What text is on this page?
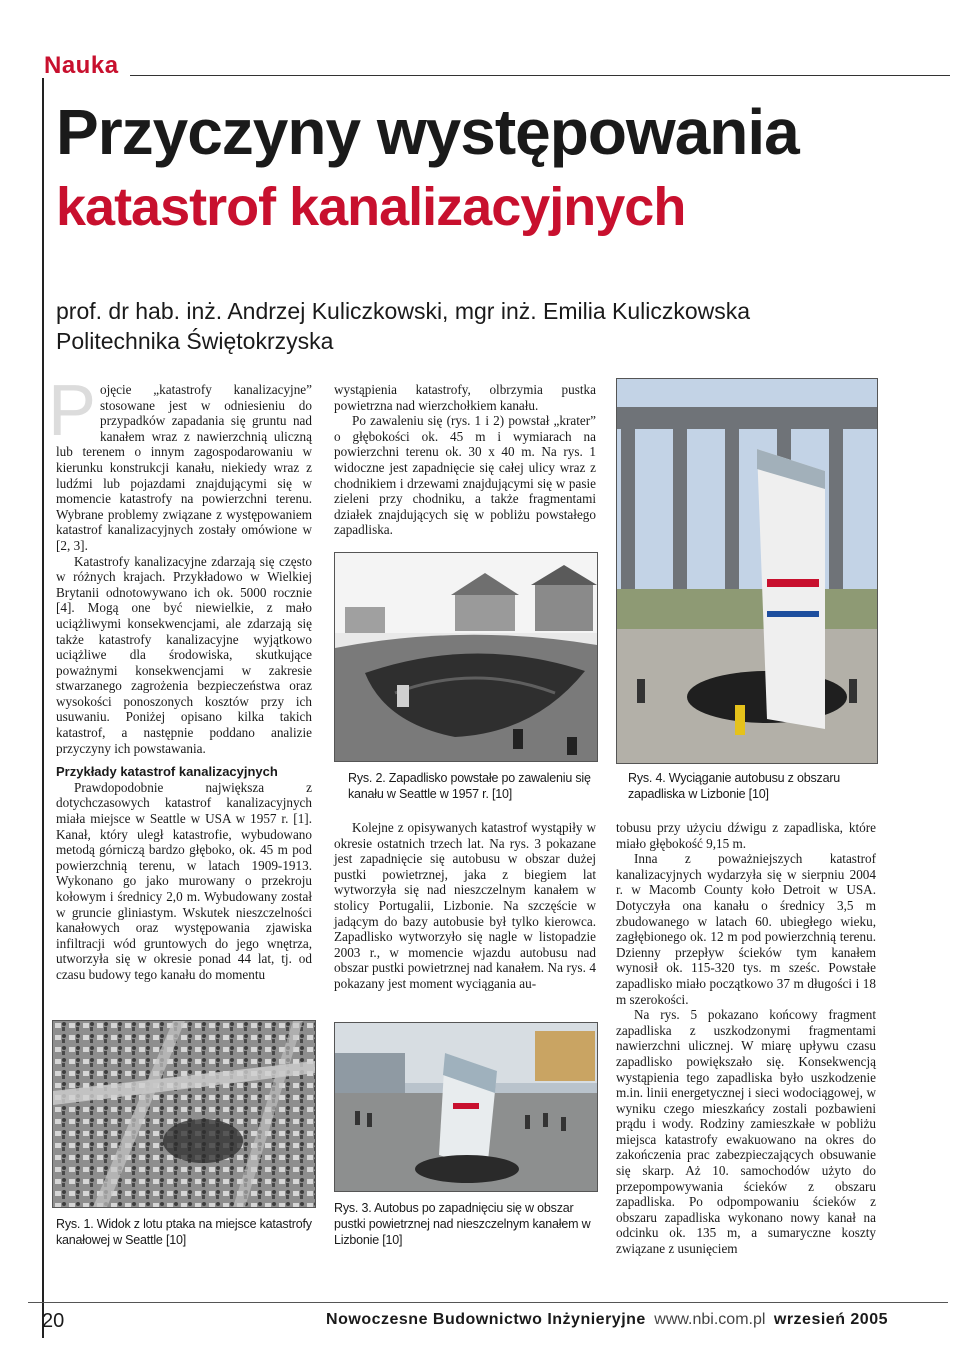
Nauka
Przyczyny występowania
katastrof kanalizacyjnych
prof. dr hab. inż. Andrzej Kuliczkowski, mgr inż. Emilia Kuliczkowska
Politechnika Świętokrzyska

Pojęcie „katastrofy kanalizacyjne” stosowane jest w odniesieniu do przypadków zapadania się gruntu nad kanałem wraz z nawierzchnią uliczną lub terenem o innym zagospodarowaniu w kierunku konstrukcji kanału, niekiedy wraz z ludźmi lub pojazdami znajdującymi się w momencie katastrofy na powierzchni terenu. Wybrane problemy związane z występowaniem katastrof kanalizacyjnych zostały omówione w [2, 3].

Katastrofy kanalizacyjne zdarzają się często w różnych krajach. Przykładowo w Wielkiej Brytanii odnotowywano ich ok. 5000 rocznie [4]. Mogą one być niewielkie, z mało uciążliwymi konsekwencjami, ale zdarzają się także katastrofy kanalizacyjne wyjątkowo uciążliwe dla środowiska, skutkujące poważnymi konsekwencjami w zakresie stwarzanego zagrożenia bezpieczeństwa oraz wysokości ponoszonych kosztów przy ich usuwaniu. Poniżej opisano kilka takich katastrof, a następnie poddano analizie przyczyny ich powstawania.

Przykłady katastrof kanalizacyjnych

Prawdopodobnie największa z dotychczasowych katastrof kanalizacyjnych miała miejsce w Seattle w USA w 1957 r. [1]. Kanał, który uległ katastrofie, wybudowano metodą górniczą bardzo głęboko, ok. 45 m pod powierzchnią terenu, w latach 1909-1913. Wykonano go jako murowany o przekroju kołowym i średnicy 2,0 m. Wybudowany został w gruncie gliniastym. Wskutek nieszczelności kanałowych oraz występowania zjawiska infiltracji wód gruntowych do jego wnętrza, utworzyła się w okresie ponad 44 lat, tj. od czasu budowy tego kanału do momentu

Rys. 1. Widok z lotu ptaka na miejsce katastrofy kanałowej w Seattle [10]

wystąpienia katastrofy, olbrzymia pustka powietrzna nad wierzchołkiem kanału.

Po zawaleniu się (rys. 1 i 2) powstał „krater” o głębokości ok. 45 m i wymiarach na powierzchni terenu ok. 30 x 40 m. Na rys. 1 widoczne jest zapadnięcie się całej ulicy wraz z chodnikiem i drzewami znajdującymi się w pasie zieleni przy chodniku, a także fragmentami działek znajdujących się w pobliżu powstałego zapadliska.

Rys. 2. Zapadlisko powstałe po zawaleniu się kanału w Seattle w 1957 r. [10]

Kolejne z opisywanych katastrof wystąpiły w okresie ostatnich trzech lat. Na rys. 3 pokazane jest zapadnięcie się autobusu w obszar dużej pustki powietrznej, jaka z biegiem lat wytworzyła się nad nieszczelnym kanałem w stolicy Portugalii, Lizbonie. Na szczęście w jadącym do bazy autobusie był tylko kierowca. Zapadlisko wytworzyło się nagle w listopadzie 2003 r., w momencie wjazdu autobusu nad obszar pustki powietrznej nad kanałem. Na rys. 4 pokazany jest moment wyciągania au-

Rys. 3. Autobus po zapadnięciu się w obszar pustki powietrznej nad nieszczelnym kanałem w Lizbonie [10]
Rys. 4. Wyciąganie autobusu z obszaru zapadliska w Lizbonie [10]

tobusu przy użyciu dźwigu z zapadliska, które miało głębokość 9,15 m.

Inna z poważniejszych katastrof kanalizacyjnych wydarzyła się w sierpniu 2004 r. w Macomb County koło Detroit w USA. Dotyczyła ona kanału o średnicy 3,5 m zbudowanego w latach 60. ubiegłego wieku, zagłębionego ok. 12 m pod powierzchnią terenu. Dzienny przepływ ścieków tym kanałem wynosił ok. 115-320 tys. m sześc. Powstałe zapadlisko miało początkowo 37 m długości i 18 m szerokości.

Na rys. 5 pokazano końcowy fragment zapadliska z uszkodzonymi fragmentami nawierzchni ulicznej. W miarę upływu czasu zapadlisko powiększało się. Konsekwencją wystąpienia tego zapadliska było uszkodzenie m.in. linii energetycznej i sieci wodociągowej, w wyniku czego mieszkańcy zostali pozbawieni prądu i wody. Rodziny zamieszkałe w pobliżu miejsca katastrofy ewakuowano na okres do zakończenia prac zabezpieczających obsuwanie się skarp. Aż 10. samochodów użyto do przepompowywania ścieków z obszaru zapadliska. Po odpompowaniu ścieków z obszaru zapadliska wykonano nowy kanał na odcinku ok. 135 m, a sumaryczne koszty związane z usunięciem

20	Nowoczesne Budownictwo Inżynieryjne www.nbi.com.pl wrzesień 2005
